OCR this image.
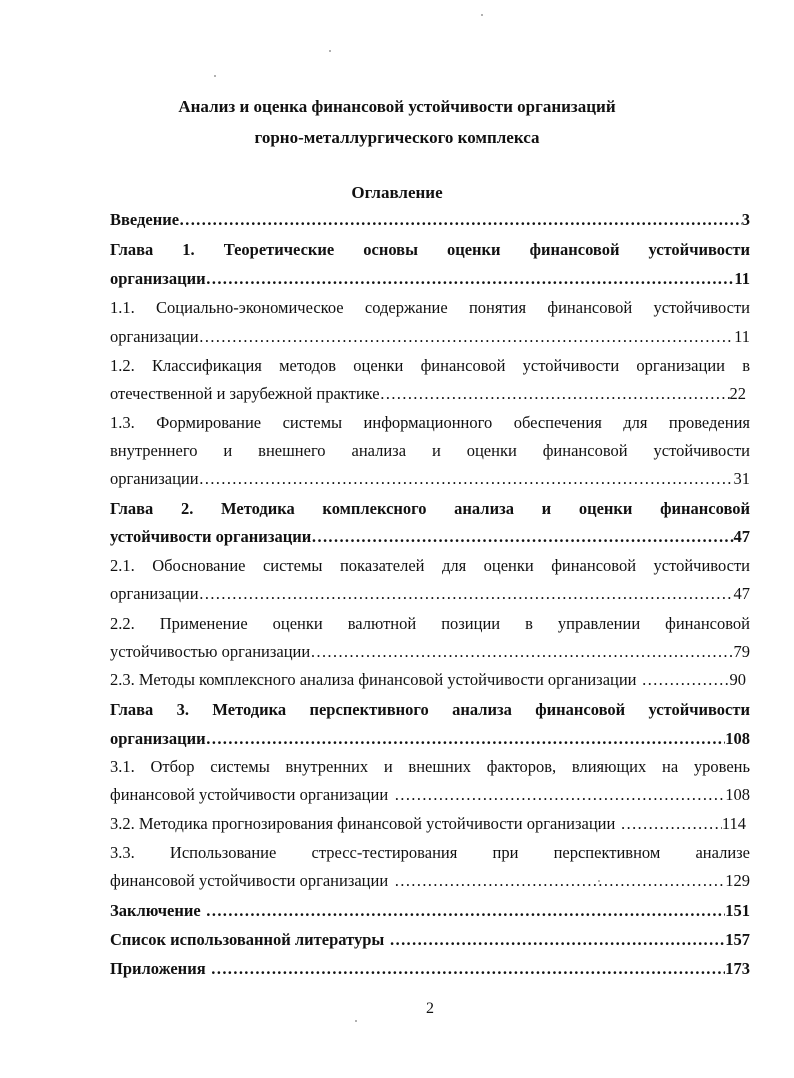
Анализ и оценка финансовой устойчивости организаций
горно-металлургического комплекса
Оглавление
Введение …………………………………………………………………………………………………………………………………………………………………………………………	3
Глава 1. Теоретические основы оценки финансовой устойчивости
организации …………………………………………………………………………………………………………………………………………………………………………………………	11
1.1. Социально-экономическое содержание понятия финансовой устойчивости
организации ………………………………………………………………………………………………………………………………………………	11
1.2. Классификация методов оценки финансовой устойчивости организации в
отечественной и зарубежной практике ………………………………………………………………………………………………………………………………………………	22
1.3. Формирование системы информационного обеспечения для проведения
внутреннего и внешнего анализа и оценки финансовой устойчивости
организации ………………………………………………………………………………………………………………………………………………	31
Глава 2. Методика комплексного анализа и оценки финансовой
устойчивости организации …………………………………………………………………………………………………………………………………………………………………………………………	47
2.1. Обоснование системы показателей для оценки финансовой устойчивости
организации ………………………………………………………………………………………………………………………………………………	47
2.2. Применение оценки валютной позиции в управлении финансовой
устойчивостью организации ………………………………………………………………………………………………………………………………………………	79
2.3. Методы комплексного анализа финансовой устойчивости организации ………………………………………………………………………………………………………………………………………………	90
Глава 3. Методика перспективного анализа финансовой устойчивости
организации …………………………………………………………………………………………………………………………………………………………………………………………	108
3.1. Отбор системы внутренних и внешних факторов, влияющих на уровень
финансовой устойчивости организации ………………………………………………………………………………………………………………………………………………	108
3.2. Методика прогнозирования финансовой устойчивости организации ………………………………………………………………………………………………………………………………………………	114
3.3. Использование стресс-тестирования при перспективном анализе
финансовой устойчивости организации ………………………………………………………………………………………………………………………………………………	129
Заключение …………………………………………………………………………………………………………………………………………………………………………………………	151
Список использованной литературы …………………………………………………………………………………………………………………………………………………………………………………………	157
Приложения …………………………………………………………………………………………………………………………………………………………………………………………	173
2
